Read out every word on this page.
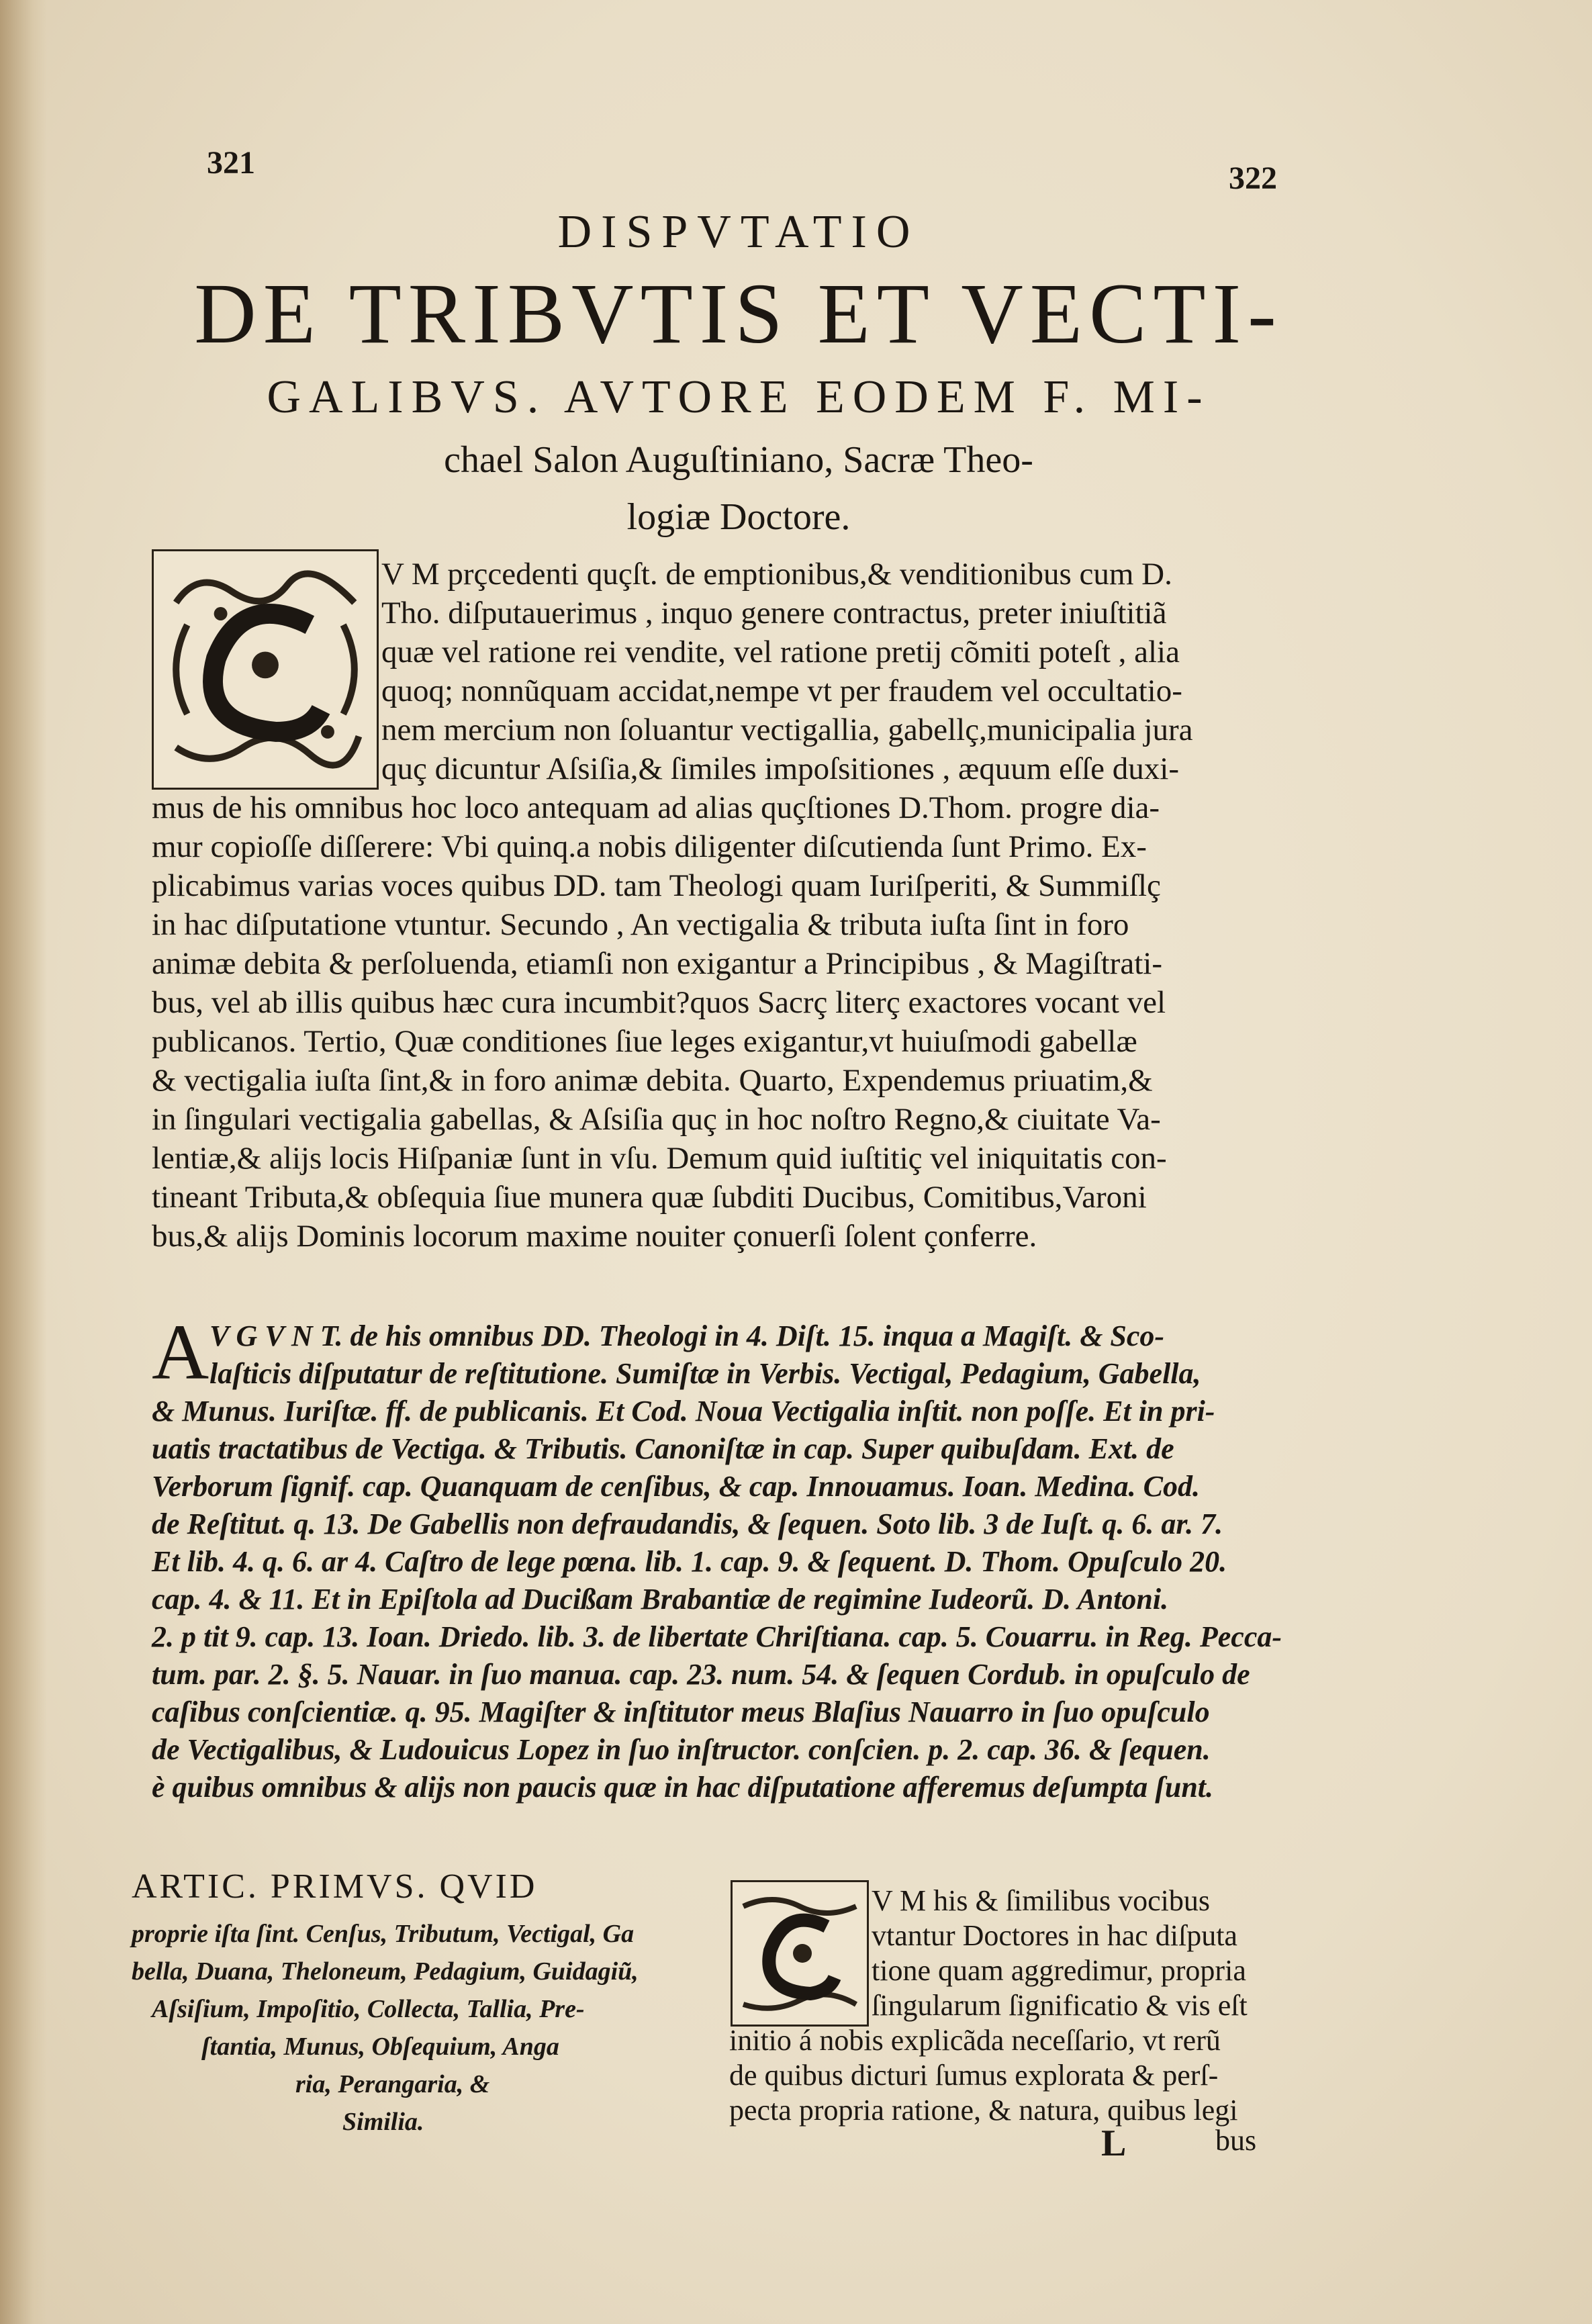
321	322

DISPVTATIO

DE TRIBVTIS ET VECTI-

GALIBVS. AVTORE EODEM F. MI-

chael Salon Auguſtiniano, Sacræ Theo-

logiæ Doctore.

V M prçcedenti quçſt. de emptionibus,& venditionibus cum D.
Tho. diſputauerimus , inquo genere contractus, preter iniuſtitiã
quæ vel ratione rei vendite, vel ratione pretij cõmiti poteſt , alia
quoq; nonnũquam accidat,nempe vt per fraudem vel occultatio-
nem mercium non ſoluantur vectigallia, gabellç,municipalia jura
quç dicuntur Aſsiſia,& ſimiles impoſsitiones , æquum eſſe duxi-
mus de his omnibus hoc loco antequam ad alias quçſtiones D.Thom. progre dia-
mur copioſſe diſſerere: Vbi quinq.a nobis diligenter diſcutienda ſunt Primo. Ex-
plicabimus varias voces quibus DD. tam Theologi quam Iuriſperiti, & Summiſlç
in hac diſputatione vtuntur. Secundo , An vectigalia & tributa iuſta ſint in foro
animæ debita & perſoluenda, etiamſi non exigantur a Principibus , & Magiſtrati-
bus, vel ab illis quibus hæc cura incumbit?quos Sacrç literç exactores vocant vel
publicanos. Tertio, Quæ conditiones ſiue leges exigantur,vt huiuſmodi gabellæ
& vectigalia iuſta ſint,& in foro animæ debita. Quarto, Expendemus priuatim,&
in ſingulari vectigalia gabellas, & Aſsiſia quç in hoc noſtro Regno,& ciuitate Va-
lentiæ,& alijs locis Hiſpaniæ ſunt in vſu. Demum quid iuſtitiç vel iniquitatis con-
tineant Tributa,& obſequia ſiue munera quæ ſubditi Ducibus, Comitibus,Varoni
bus,& alijs Dominis locorum maxime nouiter çonuerſi ſolent çonferre.
A V G V N T. de his omnibus DD. Theologi in 4. Diſt. 15. inqua a Magiſt. & Sco-
laſticis diſputatur de reſtitutione. Sumiſtæ in Verbis. Vectigal, Pedagium, Gabella,
& Munus. Iuriſtæ. ff. de publicanis. Et Cod. Noua Vectigalia inſtit. non poſſe. Et in pri-
uatis tractatibus de Vectiga. & Tributis. Canoniſtæ in cap. Super quibuſdam. Ext. de
Verborum ſignif. cap. Quanquam de cenſibus, & cap. Innouamus. Ioan. Medina. Cod.
de Reſtitut. q. 13. De Gabellis non defraudandis, & ſequen. Soto lib. 3 de Iuſt. q. 6. ar. 7.
Et lib. 4. q. 6. ar 4. Caſtro de lege pœna. lib. 1. cap. 9. & ſequent. D. Thom. Opuſculo 20.
cap. 4. & 11. Et in Epiſtola ad Ducißam Brabantiæ de regimine Iudeorũ. D. Antoni.
2. p tit 9. cap. 13. Ioan. Driedo. lib. 3. de libertate Chriſtiana. cap. 5. Couarru. in Reg. Pecca-
tum. par. 2. §. 5. Nauar. in ſuo manua. cap. 23. num. 54. & ſequen Cordub. in opuſculo de
caſibus conſcientiæ. q. 95. Magiſter & inſtitutor meus Blaſius Nauarro in ſuo opuſculo
de Vectigalibus, & Ludouicus Lopez in ſuo inſtructor. conſcien. p. 2. cap. 36. & ſequen.
è quibus omnibus & alijs non paucis quæ in hac diſputatione afferemus deſumpta ſunt.
ARTIC. PRIMVS. QVID
proprie iſta ſint. Cenſus, Tributum, Vectigal, Ga
bella, Duana, Theloneum, Pedagium, Guidagiũ,
Aſsiſium, Impoſitio, Collecta, Tallia, Pre-
ſtantia, Munus, Obſequium, Anga
ria, Perangaria, &
Similia.
V M his & ſimilibus vocibus
vtantur Doctores in hac diſputa
tione quam aggredimur, propria
ſingularum ſignificatio & vis eſt
initio á nobis explicãda neceſſario, vt rerũ
de quibus dicturi ſumus explorata & perſ-
pecta propria ratione, & natura, quibus legi
L	bus
